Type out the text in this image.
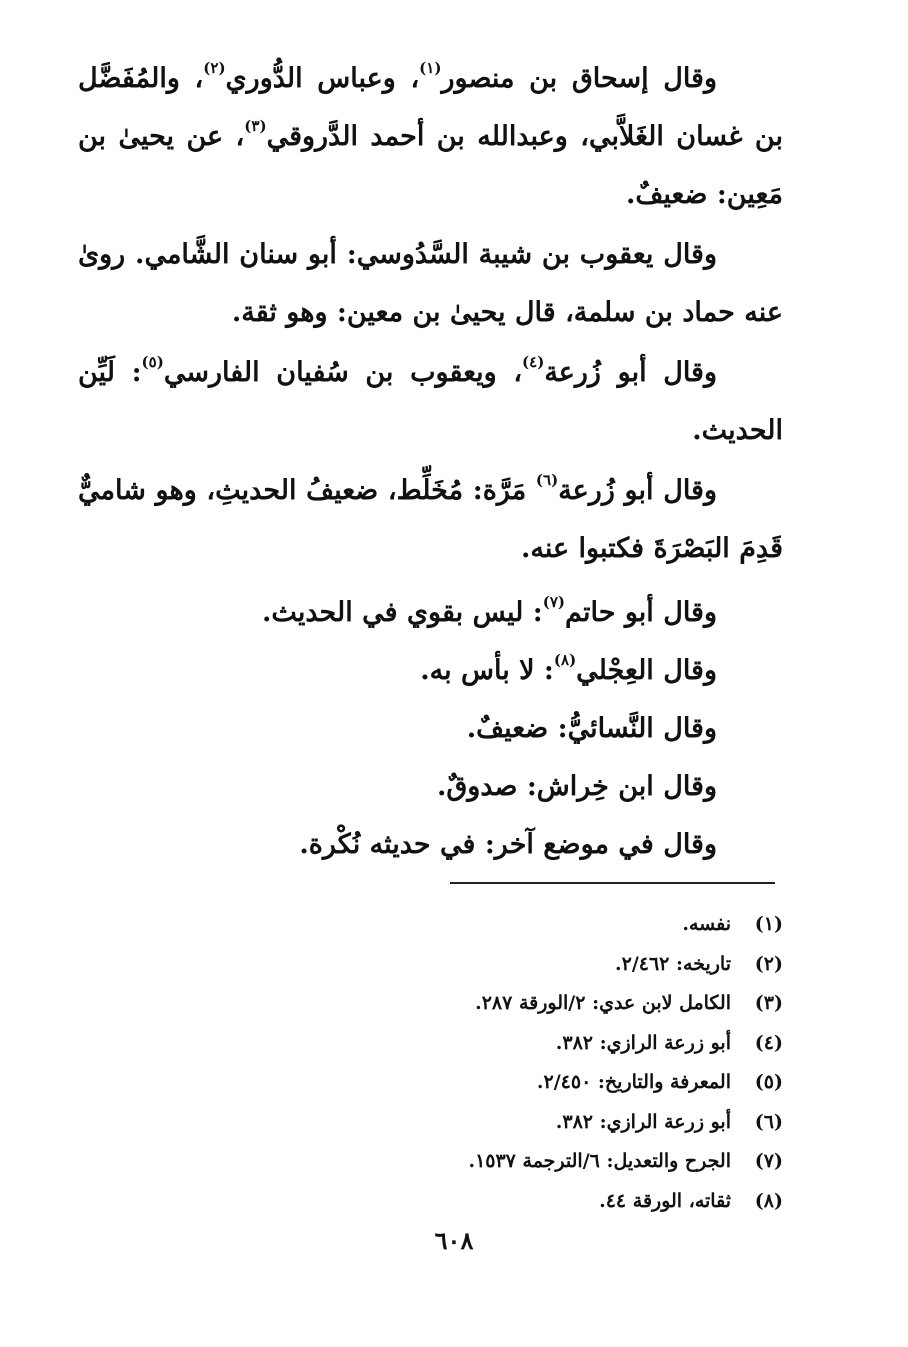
وقال إسحاق بن منصور$^{(١)}$، وعباس الدُّوري$^{(٢)}$، والمُفَضَّل بن غسان الغَلاَّبي، وعبدالله بن أحمد الدَّروقي$^{(٣)}$، عن يحيىٰ بن مَعِين: ضعيفٌ.

وقال يعقوب بن شيبة السَّدُوسي: أبو سنان الشَّامي. روىٰ عنه حماد بن سلمة، قال يحيىٰ بن معين: وهو ثقة.

وقال أبو زُرعة$^{(٤)}$، ويعقوب بن سُفيان الفارسي$^{(٥)}$: لَيِّن الحديث.

وقال أبو زُرعة$^{(٦)}$ مَرَّة: مُخَلِّط، ضعيفُ الحديثِ، وهو شاميٌّ قَدِمَ البَصْرَةَ فكتبوا عنه.

وقال أبو حاتم$^{(٧)}$: ليس بقوي في الحديث.

وقال العِجْلي$^{(٨)}$: لا بأس به.

وقال النَّسائيُّ: ضعيفٌ.

وقال ابن خِراش: صدوقٌ.

وقال في موضع آخر: في حديثه نُكْرة.

(١)
نفسه.
(٢)
تاريخه: ٢/٤٦٢.
(٣)
الكامل لابن عدي: ٢/الورقة ٢٨٧.
(٤)
أبو زرعة الرازي: ٣٨٢.
(٥)
المعرفة والتاريخ: ٢/٤٥٠.
(٦)
أبو زرعة الرازي: ٣٨٢.
(٧)
الجرح والتعديل: ٦/الترجمة ١٥٣٧.
(٨)
ثقاته، الورقة ٤٤.
٦٠٨
